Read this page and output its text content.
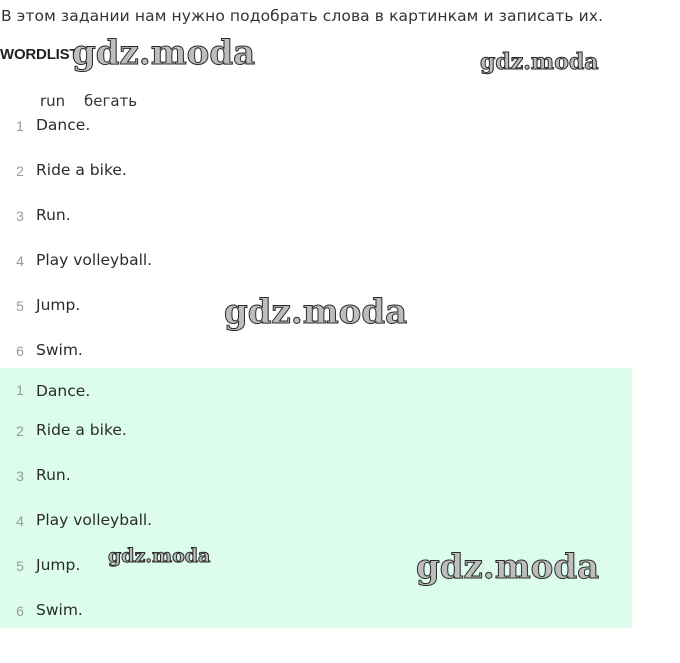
В этом задании нам нужно подобрать слова в картинкам и записать их.
WORDLIST
run бегать
1 Dance.
2 Ride a bike.
3 Run.
4 Play volleyball.
5 Jump.
6 Swim.
1 Dance.
2 Ride a bike.
3 Run.
4 Play volleyball.
5 Jump.
6 Swim.
gdz.moda	gdz.moda
gdz.moda
gdz.moda	gdz.moda
